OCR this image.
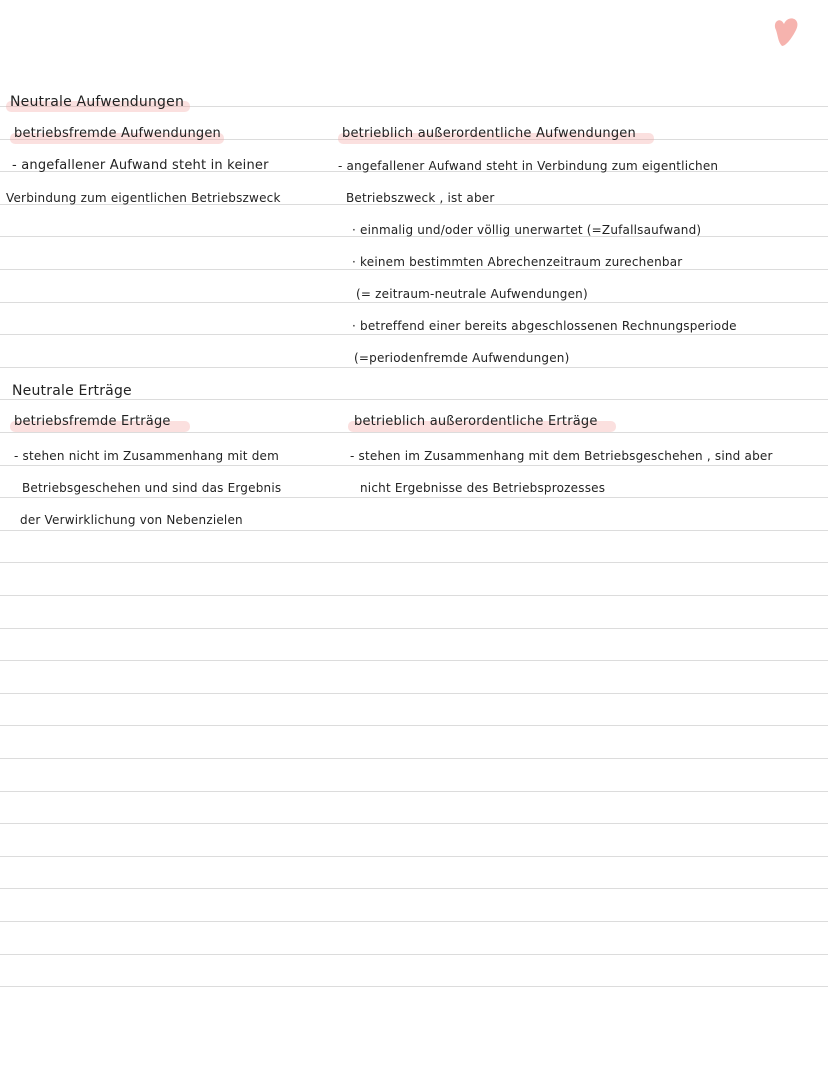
Neutrale Aufwendungen
betriebsfremde Aufwendungen
- angefallener Aufwand steht in keiner
Verbindung zum eigentlichen Betriebszweck
betrieblich außerordentliche Aufwendungen
- angefallener Aufwand steht in Verbindung zum eigentlichen
Betriebszweck , ist aber
· einmalig und/oder völlig unerwartet (=Zufallsaufwand)
· keinem bestimmten Abrechenzeitraum zurechenbar
(= zeitraum-neutrale Aufwendungen)
· betreffend einer bereits abgeschlossenen Rechnungsperiode
(=periodenfremde Aufwendungen)
Neutrale Erträge
betriebsfremde Erträge
- stehen nicht im Zusammenhang mit dem
Betriebsgeschehen und sind das Ergebnis
der Verwirklichung von Nebenzielen
betrieblich außerordentliche Erträge
- stehen im Zusammenhang mit dem Betriebsgeschehen , sind aber
nicht Ergebnisse des Betriebsprozesses
